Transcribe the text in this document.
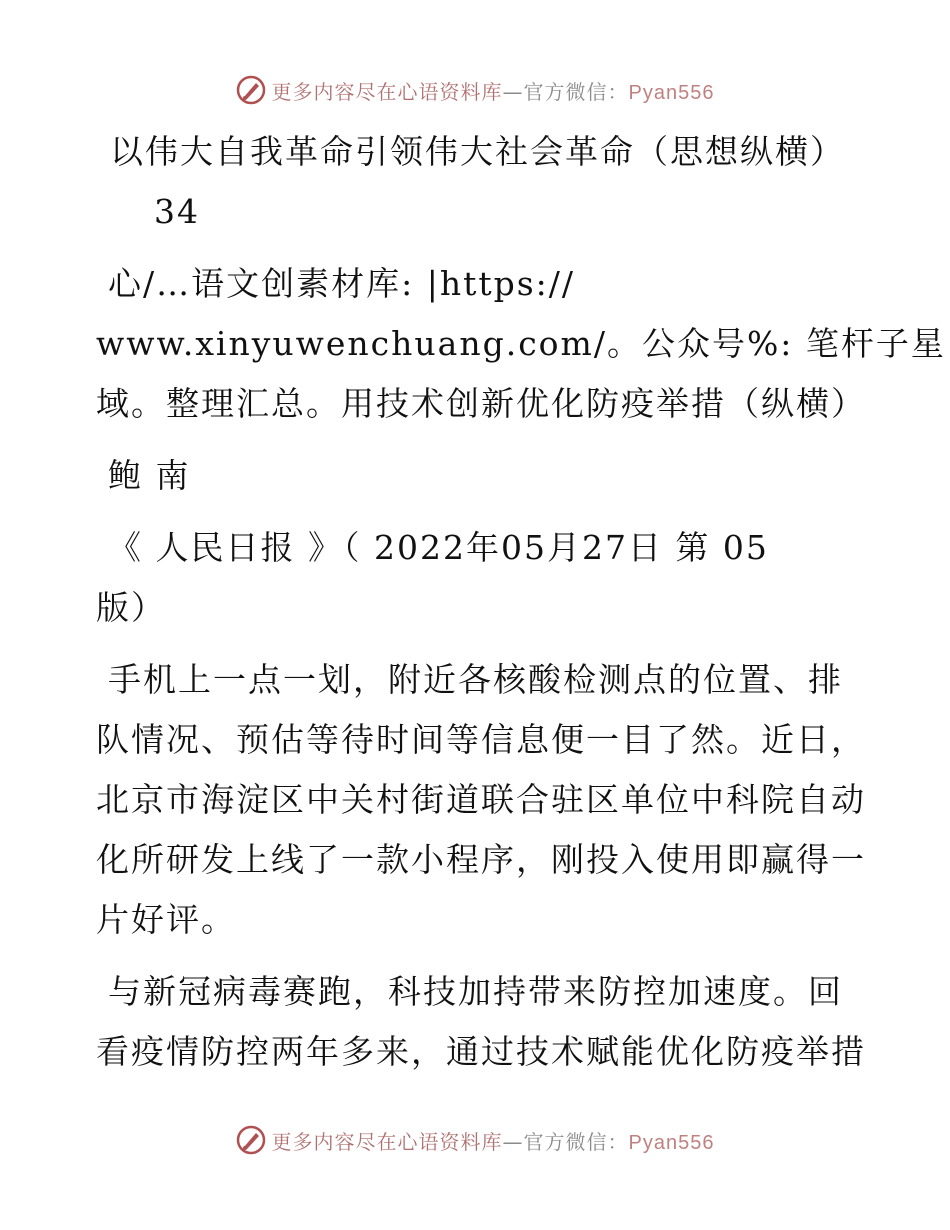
更多内容尽在心语资料库—官方微信：Pyan556
以伟大自我革命引领伟大社会革命（思想纵横）
34
心/…语文创素材库: |https://
www.xinyuwenchuang.com/。公众号%: 笔杆子星
域。整理汇总。用技术创新优化防疫举措（纵横）
鲍 南
《 人民日报 》（ 2022年05月27日 第 05
版）
手机上一点一划，附近各核酸检测点的位置、排
队情况、预估等待时间等信息便一目了然。近日，
北京市海淀区中关村街道联合驻区单位中科院自动
化所研发上线了一款小程序，刚投入使用即赢得一
片好评。
与新冠病毒赛跑，科技加持带来防控加速度。回
看疫情防控两年多来，通过技术赋能优化防疫举措
更多内容尽在心语资料库—官方微信：Pyan556
